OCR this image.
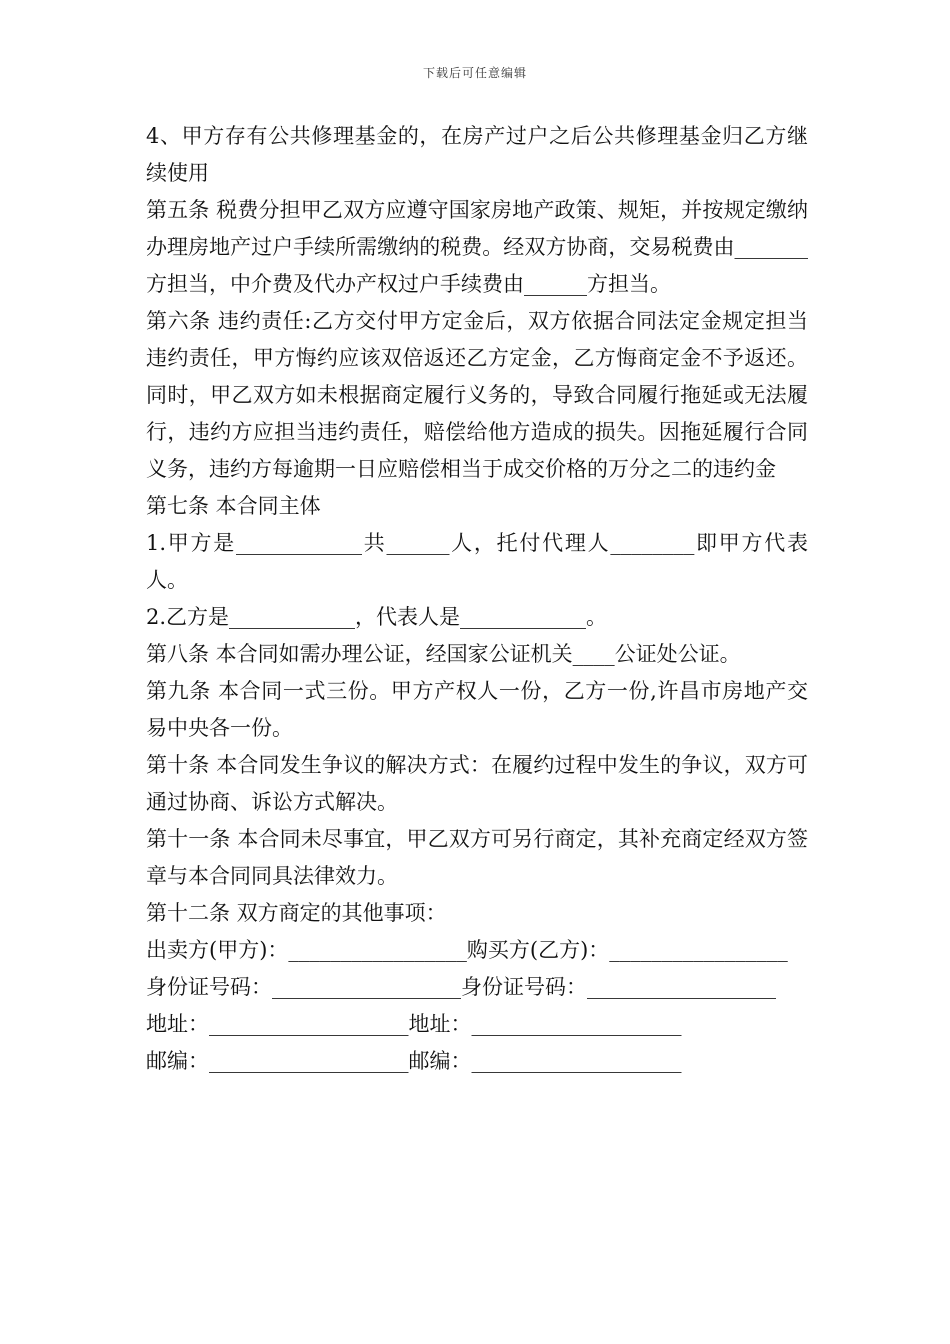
下载后可任意编辑

4、甲方存有公共修理基金的，在房产过户之后公共修理基金归乙方继续使用

第五条 税费分担甲乙双方应遵守国家房地产政策、规矩，并按规定缴纳办理房地产过户手续所需缴纳的税费。经双方协商，交易税费由_______方担当，中介费及代办产权过户手续费由______方担当。

第六条 违约责任:乙方交付甲方定金后，双方依据合同法定金规定担当违约责任，甲方悔约应该双倍返还乙方定金，乙方悔商定金不予返还。同时，甲乙双方如未根据商定履行义务的，导致合同履行拖延或无法履行，违约方应担当违约责任，赔偿给他方造成的损失。因拖延履行合同义务，违约方每逾期一日应赔偿相当于成交价格的万分之二的违约金

第七条 本合同主体

1.甲方是____________共______人，托付代理人________即甲方代表人。

2.乙方是____________，代表人是____________。

第八条 本合同如需办理公证，经国家公证机关____公证处公证。

第九条 本合同一式三份。甲方产权人一份，乙方一份,许昌市房地产交易中央各一份。

第十条 本合同发生争议的解决方式：在履约过程中发生的争议，双方可通过协商、诉讼方式解决。

第十一条 本合同未尽事宜，甲乙双方可另行商定，其补充商定经双方签章与本合同同具法律效力。

第十二条 双方商定的其他事项：

出卖方(甲方)：_________________购买方(乙方)：_________________

身份证号码：__________________身份证号码：__________________

地址：___________________地址：____________________

邮编：___________________邮编：____________________
